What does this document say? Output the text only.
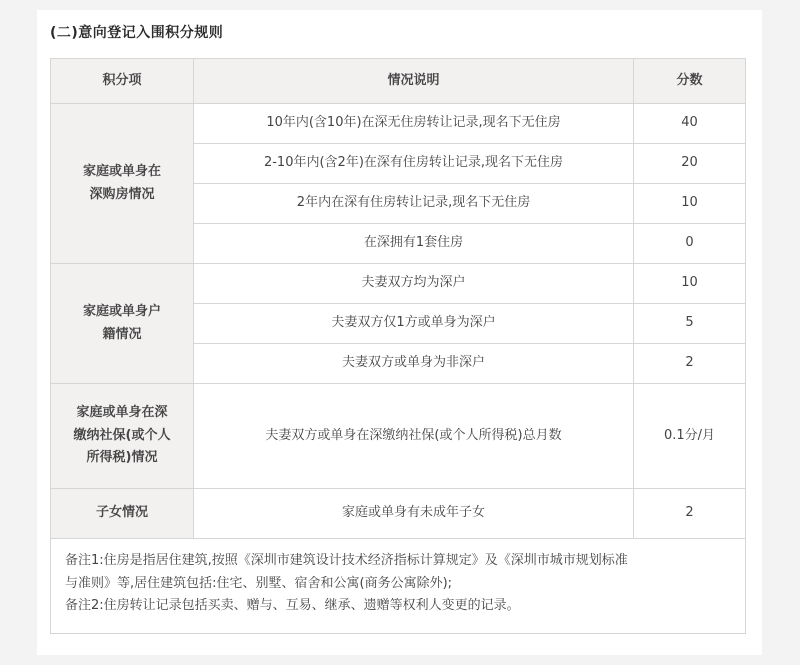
(二)意向登记入围积分规则
积分项	情况说明	分数

家庭或单身在
深购房情况	10年内(含10年)在深无住房转让记录,现名下无住房	40
	2-10年内(含2年)在深有住房转让记录,现名下无住房	20
	2年内在深有住房转让记录,现名下无住房	10
	在深拥有1套住房	0

家庭或单身户
籍情况	夫妻双方均为深户	10
	夫妻双方仅1方或单身为深户	5
	夫妻双方或单身为非深户	2

家庭或单身在深
缴纳社保(或个人
所得税)情况	夫妻双方或单身在深缴纳社保(或个人所得税)总月数	0.1分/月

子女情况	家庭或单身有未成年子女	2

备注1:住房是指居住建筑,按照《深圳市建筑设计技术经济指标计算规定》及《深圳市城市规划标准
与准则》等,居住建筑包括:住宅、别墅、宿舍和公寓(商务公寓除外);
备注2:住房转让记录包括买卖、赠与、互易、继承、遗赠等权利人变更的记录。		
